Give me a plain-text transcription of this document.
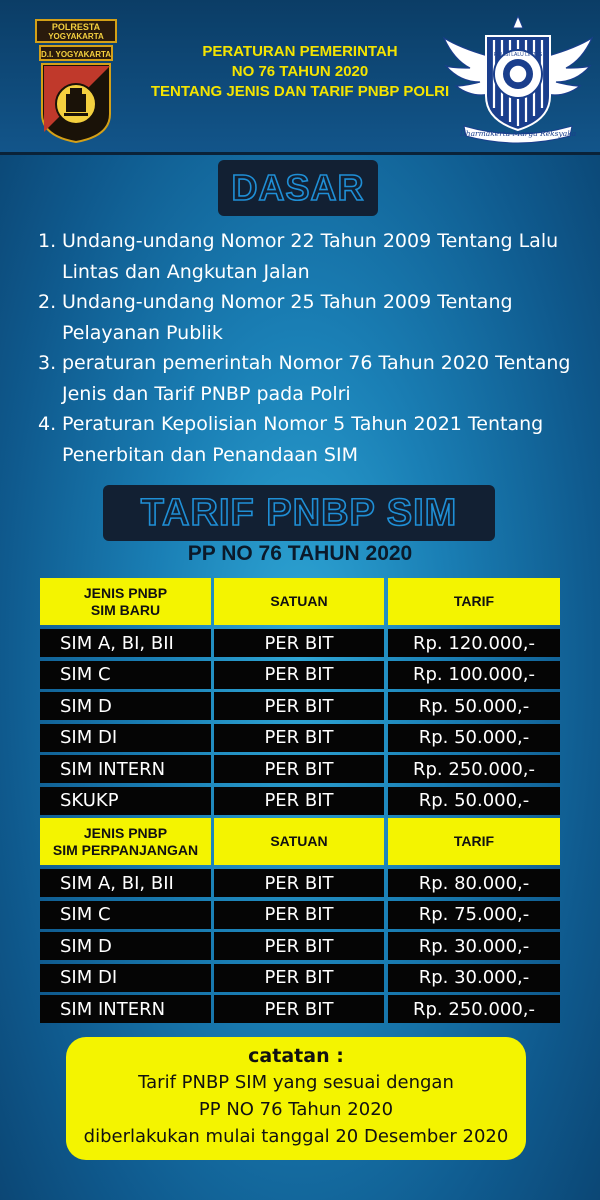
POLRESTA
YOGYAKARTA
D.I. YOGYAKARTA	PERATURAN PEMERINTAH
NO 76 TAHUN 2020
TENTANG JENIS DAN TARIF PNBP POLRI
POLISI LALU LINTAS
Dharmakerta Marga Reksyaka
DASAR
1. Undang-undang Nomor 22 Tahun 2009 Tentang Lalu Lintas dan Angkutan Jalan
2. Undang-undang Nomor 25 Tahun 2009 Tentang Pelayanan Publik
3. peraturan pemerintah Nomor 76 Tahun 2020 Tentang Jenis dan Tarif PNBP pada Polri
4. Peraturan Kepolisian Nomor 5 Tahun 2021 Tentang Penerbitan dan Penandaan SIM
TARIF PNBP SIM
PP NO 76 TAHUN 2020
JENIS PNBP
SIM BARU
SATUAN	TARIF
SIM A, BI, BII	PER BIT	Rp. 120.000,-
SIM C	PER BIT	Rp. 100.000,-
SIM D	PER BIT	Rp. 50.000,-
SIM DI	PER BIT	Rp. 50.000,-
SIM INTERN	PER BIT	Rp. 250.000,-
SKUKP	PER BIT	Rp. 50.000,-
JENIS PNBP
SIM PERPANJANGAN
SATUAN	TARIF
SIM A, BI, BII	PER BIT	Rp. 80.000,-
SIM C	PER BIT	Rp. 75.000,-
SIM D	PER BIT	Rp. 30.000,-
SIM DI	PER BIT	Rp. 30.000,-
SIM INTERN	PER BIT	Rp. 250.000,-
catatan :
Tarif PNBP SIM yang sesuai dengan
PP NO 76 Tahun 2020
diberlakukan mulai tanggal 20 Desember 2020
